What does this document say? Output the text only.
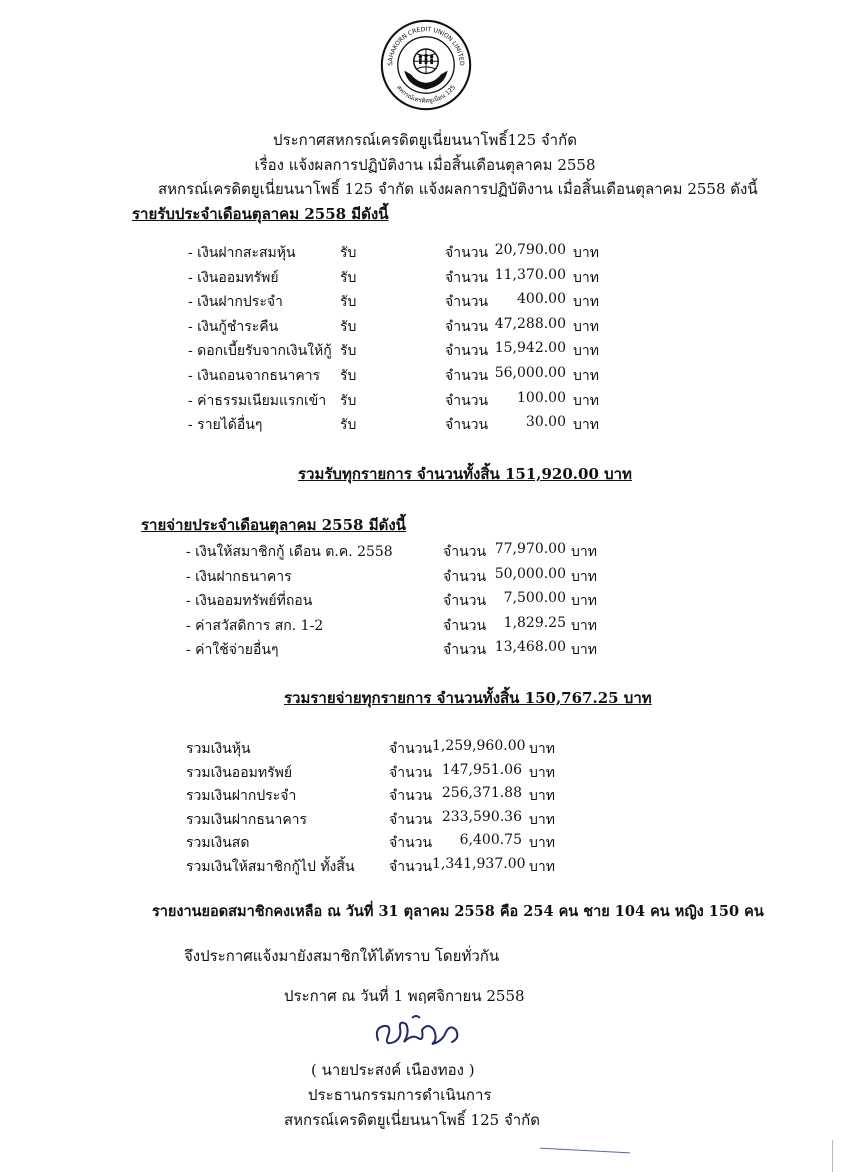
SAHAKORN CREDIT UNION LIMITED
สหกรณ์เครดิตยูเนี่ยน 125
ประกาศสหกรณ์เครดิตยูเนี่ยนนาโพธิ์125 จำกัด
เรื่อง แจ้งผลการปฏิบัติงาน เมื่อสิ้นเดือนตุลาคม 2558
สหกรณ์เครดิตยูเนี่ยนนาโพธิ์ 125 จำกัด แจ้งผลการปฏิบัติงาน เมื่อสิ้นเดือนตุลาคม 2558 ดังนี้
รายรับประจำเดือนตุลาคม 2558 มีดังนี้
- เงินฝากสะสมหุ้น	รับ	จำนวน 20,790.00 บาท
- เงินออมทรัพย์	รับ	จำนวน 11,370.00 บาท
- เงินฝากประจำ	รับ	จำนวน	400.00 บาท
- เงินกู้ชำระคืน	รับ	จำนวน 47,288.00 บาท
- ดอกเบี้ยรับจากเงินให้กู้ รับ	จำนวน 15,942.00 บาท
- เงินถอนจากธนาคาร รับ	จำนวน 56,000.00 บาท
- ค่าธรรมเนียมแรกเข้า รับ	จำนวน	100.00 บาท
- รายได้อื่นๆ	รับ	จำนวน	30.00 บาท
รวมรับทุกรายการ จำนวนทั้งสิ้น 151,920.00 บาท
รายจ่ายประจำเดือนตุลาคม 2558 มีดังนี้
- เงินให้สมาชิกกู้ เดือน ต.ค. 2558	จำนวน 77,970.00 บาท
- เงินฝากธนาคาร	จำนวน 50,000.00 บาท
- เงินออมทรัพย์ที่ถอน	จำนวน	7,500.00 บาท
- ค่าสวัสดิการ สก. 1-2	จำนวน	1,829.25 บาท
- ค่าใช้จ่ายอื่นๆ	จำนวน 13,468.00 บาท
รวมรายจ่ายทุกรายการ จำนวนทั้งสิ้น 150,767.25 บาท
รวมเงินหุ้น	จำนวน 1,259,960.00 บาท
รวมเงินออมทรัพย์	จำนวน 147,951.06 บาท
รวมเงินฝากประจำ	จำนวน 256,371.88 บาท
รวมเงินฝากธนาคาร	จำนวน 233,590.36 บาท
รวมเงินสด	จำนวน	6,400.75 บาท
รวมเงินให้สมาชิกกู้ไป ทั้งสิ้น จำนวน 1,341,937.00 บาท
รายงานยอดสมาชิกคงเหลือ ณ วันที่ 31 ตุลาคม 2558 คือ 254 คน ชาย 104 คน หญิง 150 คน
จึงประกาศแจ้งมายังสมาชิกให้ได้ทราบ โดยทั่วกัน
ประกาศ ณ วันที่ 1 พฤศจิกายน 2558
( นายประสงค์ เนืองทอง )
ประธานกรรมการดำเนินการ
สหกรณ์เครดิตยูเนี่ยนนาโพธิ์ 125 จำกัด
